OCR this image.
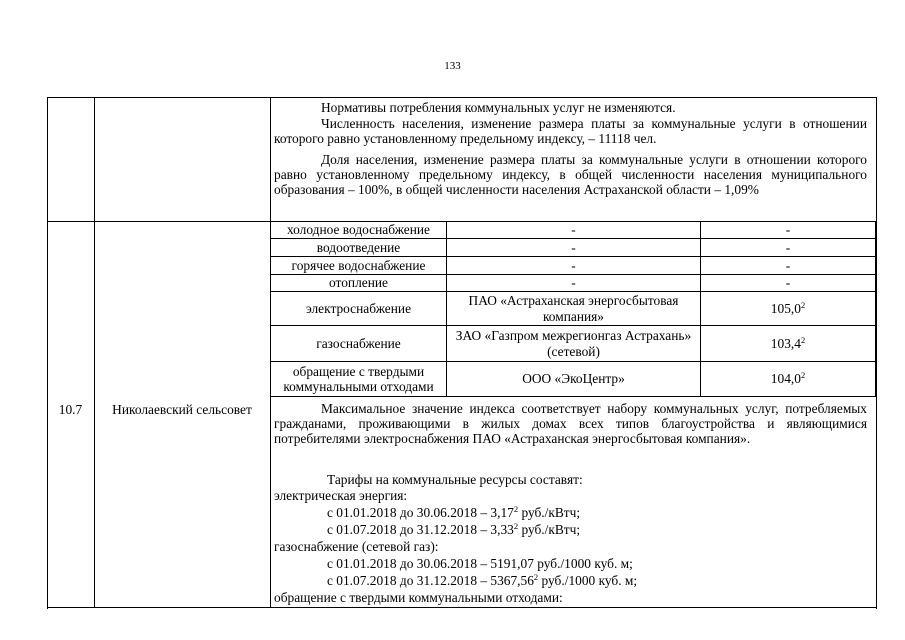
133
Нормативы потребления коммунальных услуг не изменяются.
Численность населения, изменение размера платы за коммунальные услуги в отношении которого равно установленному предельному индексу, – 11118 чел.
Доля населения, изменение размера платы за коммунальные услуги в отношении которого равно установленному предельному индексу, в общей численности населения муниципального образования – 100%, в общей численности населения Астраханской области – 1,09%
10.7	Николаевский сельсовет
холодное водоснабжение	-	-
водоотведение	-	-
горячее водоснабжение	-	-
отопление	-	-
электроснабжение	ПАО «Астраханская энергосбытовая компания»	105,0$^2$
газоснабжение	ЗАО «Газпром межрегионгаз Астрахань» (сетевой)	103,4$^2$
обращение с твердыми коммунальными отходами	ООО «ЭкоЦентр»	104,0$^2$
Максимальное значение индекса соответствует набору коммунальных услуг, потребляемых гражданами, проживающими в жилых домах всех типов благоустройства и являющимися потребителями электроснабжения ПАО «Астраханская энергосбытовая компания».
Тарифы на коммунальные ресурсы составят:
электрическая энергия:
с 01.01.2018 до 30.06.2018 – 3,17$^2$ руб./кВтч;
с 01.07.2018 до 31.12.2018 – 3,33$^2$ руб./кВтч;
газоснабжение (сетевой газ):
с 01.01.2018 до 30.06.2018 – 5191,07 руб./1000 куб. м;
с 01.07.2018 до 31.12.2018 – 5367,56$^2$ руб./1000 куб. м;
обращение с твердыми коммунальными отходами:
